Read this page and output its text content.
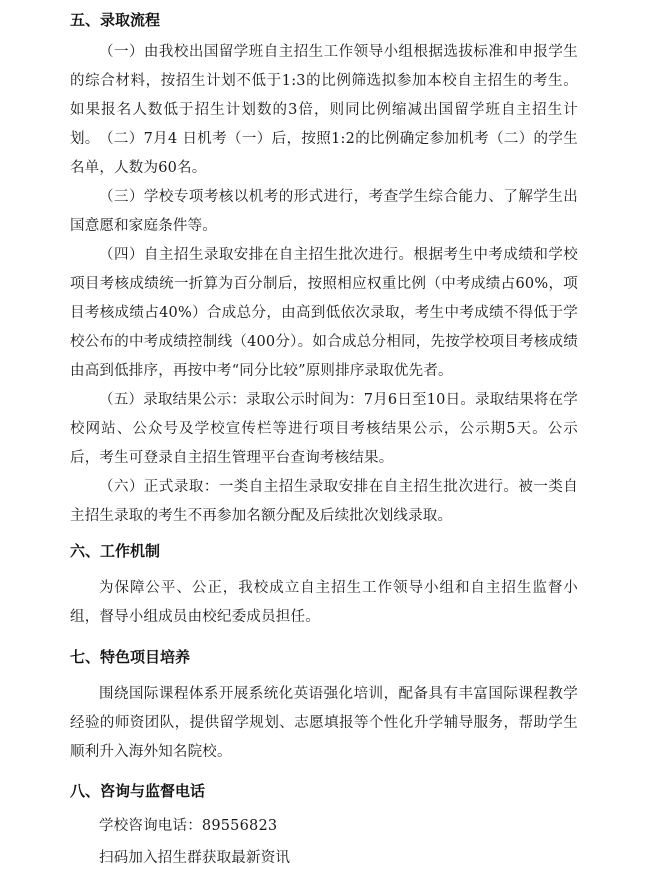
五、录取流程
（一）由我校出国留学班自主招生工作领导小组根据选拔标准和申报学生的综合材料，按招生计划不低于1:3的比例筛选拟参加本校自主招生的考生。如果报名人数低于招生计划数的3倍，则同比例缩减出国留学班自主招生计划。 （二）7月4 日机考（一）后，按照1:2的比例确定参加机考（二）的学生名单，人数为60名。
（三）学校专项考核以机考的形式进行，考查学生综合能力、了解学生出国意愿和家庭条件等。
（四）自主招生录取安排在自主招生批次进行。根据考生中考成绩和学校项目考核成绩统一折算为百分制后，按照相应权重比例（中考成绩占60%，项目考核成绩占40%）合成总分，由高到低依次录取，考生中考成绩不得低于学校公布的中考成绩控制线（400分）。如合成总分相同，先按学校项目考核成绩由高到低排序，再按中考“同分比较”原则排序录取优先者。
（五）录取结果公示：录取公示时间为：7月6日至10日。录取结果将在学校网站、公众号及学校宣传栏等进行项目考核结果公示，公示期5天。公示后，考生可登录自主招生管理平台查询考核结果。
（六）正式录取：一类自主招生录取安排在自主招生批次进行。被一类自主招生录取的考生不再参加名额分配及后续批次划线录取。
六、工作机制
为保障公平、公正，我校成立自主招生工作领导小组和自主招生监督小组，督导小组成员由校纪委成员担任。
七、特色项目培养
围绕国际课程体系开展系统化英语强化培训，配备具有丰富国际课程教学经验的师资团队，提供留学规划、志愿填报等个性化升学辅导服务，帮助学生顺利升入海外知名院校。
八、咨询与监督电话
学校咨询电话：89556823
扫码加入招生群获取最新资讯
